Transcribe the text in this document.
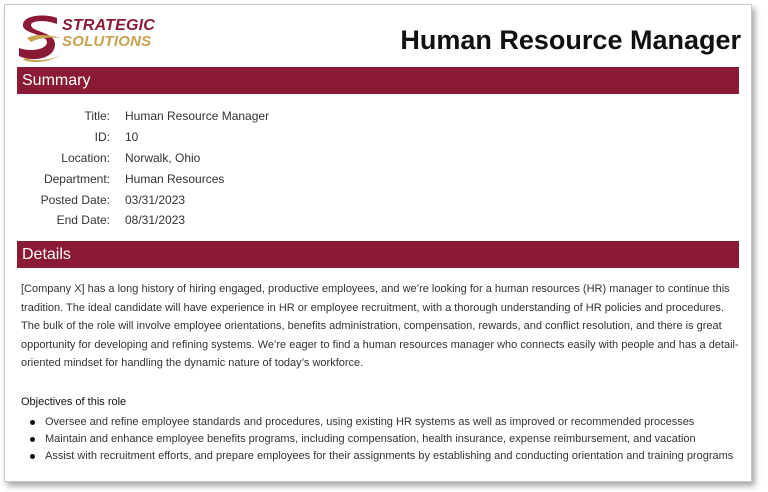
STRATEGIC
SOLUTIONS	Human Resource Manager
Summary
Title:	Human Resource Manager
ID:	10
Location:	Norwalk, Ohio
Department:	Human Resources
Posted Date:	03/31/2023
End Date:	08/31/2023
Details
[Company X] has a long history of hiring engaged, productive employees, and we’re looking for a human resources (HR) manager to continue this tradition. The ideal candidate will have experience in HR or employee recruitment, with a thorough understanding of HR policies and procedures. The bulk of the role will involve employee orientations, benefits administration, compensation, rewards, and conflict resolution, and there is great opportunity for developing and refining systems. We’re eager to find a human resources manager who connects easily with people and has a detail-oriented mindset for handling the dynamic nature of today’s workforce.
Objectives of this role
Oversee and refine employee standards and procedures, using existing HR systems as well as improved or recommended processes
Maintain and enhance employee benefits programs, including compensation, health insurance, expense reimbursement, and vacation
Assist with recruitment efforts, and prepare employees for their assignments by establishing and conducting orientation and training programs
